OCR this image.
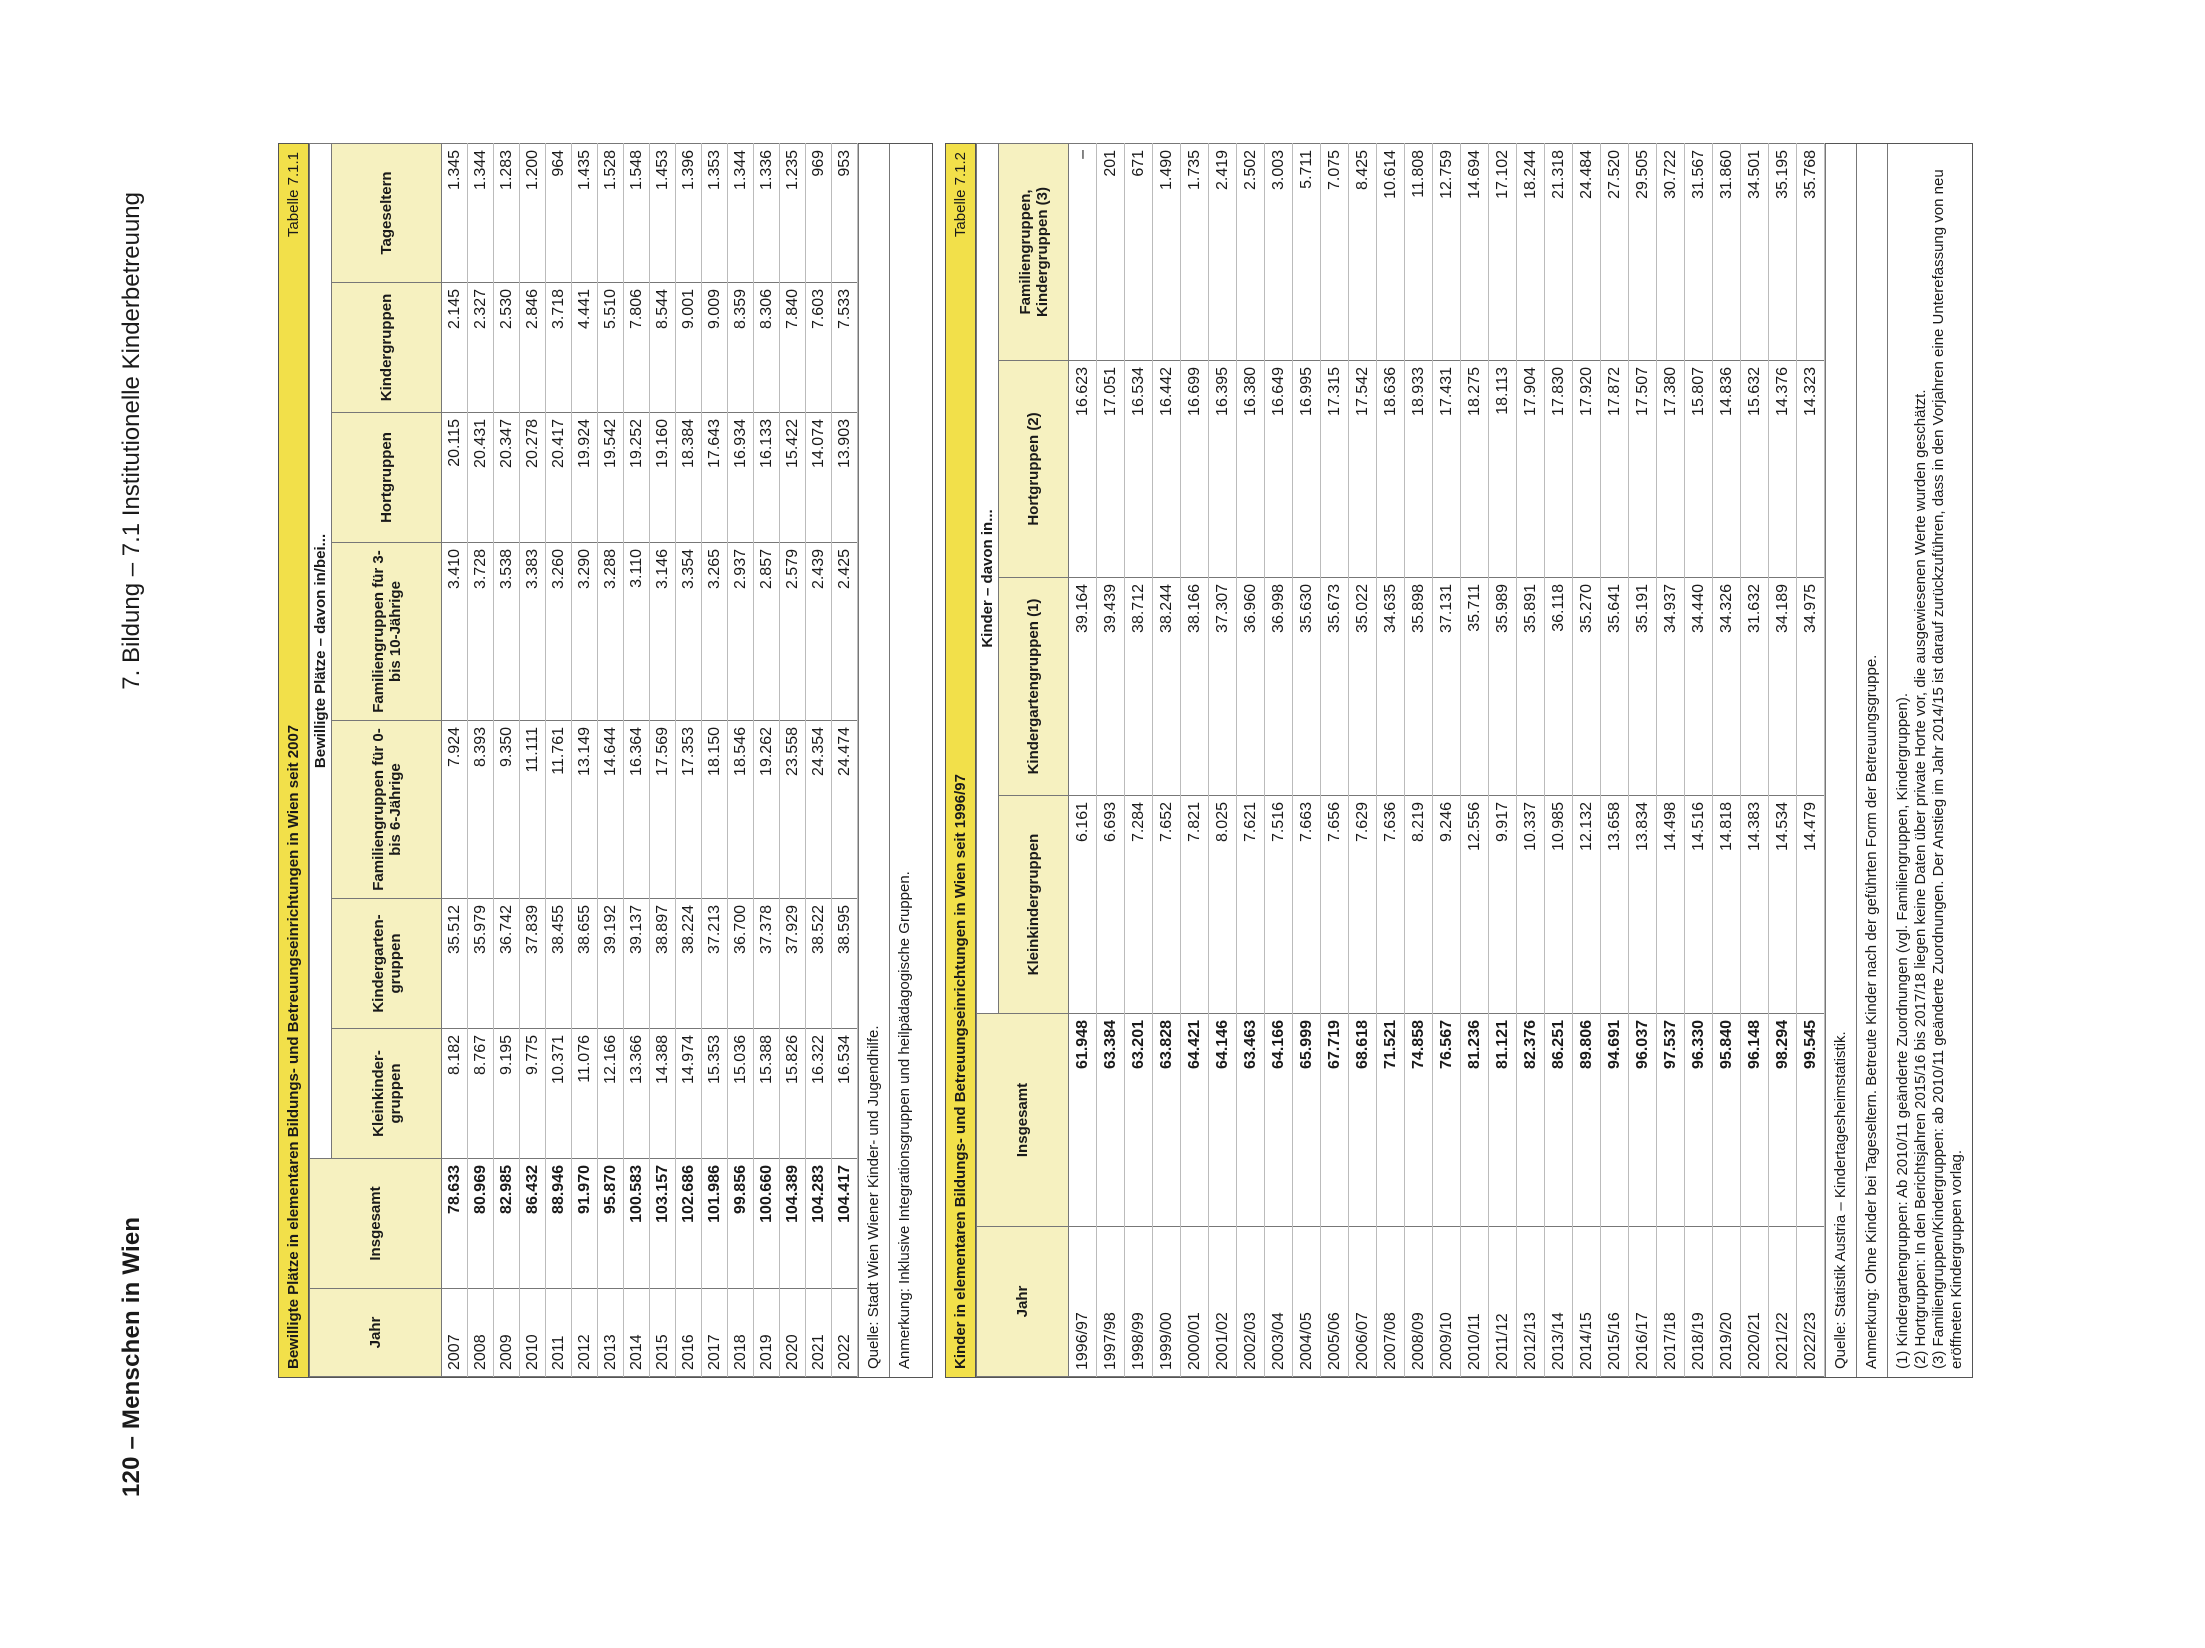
120 – Menschen in Wien
7. Bildung – 7.1 Institutionelle Kinderbetreuung
Bewilligte Plätze in elementaren Bildungs- und Betreuungseinrichtungen in Wien seit 2007
Tabelle 7.1.1
Jahr	Insgesamt	Bewilligte Plätze – davon in/bei...						
		Kleinkinder-gruppen	Kindergarten-gruppen	Familiengruppen für 0- bis 6-Jährige	Familiengruppen für 3- bis 10-Jährige	Hortgruppen	Kindergruppen	Tageseltern
2007	78.633	8.182	35.512	7.924	3.410	20.115	2.145	1.345
2008	80.969	8.767	35.979	8.393	3.728	20.431	2.327	1.344
2009	82.985	9.195	36.742	9.350	3.538	20.347	2.530	1.283
2010	86.432	9.775	37.839	11.111	3.383	20.278	2.846	1.200
2011	88.946	10.371	38.455	11.761	3.260	20.417	3.718	964
2012	91.970	11.076	38.655	13.149	3.290	19.924	4.441	1.435
2013	95.870	12.166	39.192	14.644	3.288	19.542	5.510	1.528
2014	100.583	13.366	39.137	16.364	3.110	19.252	7.806	1.548
2015	103.157	14.388	38.897	17.569	3.146	19.160	8.544	1.453
2016	102.686	14.974	38.224	17.353	3.354	18.384	9.001	1.396
2017	101.986	15.353	37.213	18.150	3.265	17.643	9.009	1.353
2018	99.856	15.036	36.700	18.546	2.937	16.934	8.359	1.344
2019	100.660	15.388	37.378	19.262	2.857	16.133	8.306	1.336
2020	104.389	15.826	37.929	23.558	2.579	15.422	7.840	1.235
2021	104.283	16.322	38.522	24.354	2.439	14.074	7.603	969
2022	104.417	16.534	38.595	24.474	2.425	13.903	7.533	953
Quelle: Stadt Wien Wiener Kinder- und Jugendhilfe. Anmerkung: Inklusive Integrationsgruppen und heilpädagogische Gruppen.	Kinder in elementaren Bildungs- und Betreuungseinrichtungen in Wien seit 1996/97
Tabelle 7.1.2
Jahr	Insgesamt	Kinder – davon in...			
		Kleinkindergruppen	Kindergartengruppen (1)	Hortgruppen (2)	Familiengruppen, Kindergruppen (3)
1996/97	61.948	6.161	39.164	16.623	–
1997/98	63.384	6.693	39.439	17.051	201
1998/99	63.201	7.284	38.712	16.534	671
1999/00	63.828	7.652	38.244	16.442	1.490
2000/01	64.421	7.821	38.166	16.699	1.735
2001/02	64.146	8.025	37.307	16.395	2.419
2002/03	63.463	7.621	36.960	16.380	2.502
2003/04	64.166	7.516	36.998	16.649	3.003
2004/05	65.999	7.663	35.630	16.995	5.711
2005/06	67.719	7.656	35.673	17.315	7.075
2006/07	68.618	7.629	35.022	17.542	8.425
2007/08	71.521	7.636	34.635	18.636	10.614
2008/09	74.858	8.219	35.898	18.933	11.808
2009/10	76.567	9.246	37.131	17.431	12.759
2010/11	81.236	12.556	35.711	18.275	14.694
2011/12	81.121	9.917	35.989	18.113	17.102
2012/13	82.376	10.337	35.891	17.904	18.244
2013/14	86.251	10.985	36.118	17.830	21.318
2014/15	89.806	12.132	35.270	17.920	24.484
2015/16	94.691	13.658	35.641	17.872	27.520
2016/17	96.037	13.834	35.191	17.507	29.505
2017/18	97.537	14.498	34.937	17.380	30.722
2018/19	96.330	14.516	34.440	15.807	31.567
2019/20	95.840	14.818	34.326	14.836	31.860
2020/21	96.148	14.383	31.632	15.632	34.501
2021/22	98.294	14.534	34.189	14.376	35.195
2022/23	99.545	14.479	34.975	14.323	35.768
Quelle: Statistik Austria – Kindertagesheimstatistik. Anmerkung: Ohne Kinder bei Tageseltern. Betreute Kinder nach der geführten Form der Betreuungsgruppe. (1) Kindergartengruppen: Ab 2010/11 geänderte Zuordnungen (vgl. Familiengruppen, Kindergruppen). (2) Hortgruppen: In den Berichtsjahren 2015/16 bis 2017/18 liegen keine Daten über private Horte vor, die ausgewiesenen Werte wurden geschätzt. (3) Familiengruppen/Kindergruppen: ab 2010/11 geänderte Zuordnungen. Der Anstieg im Jahr 2014/15 ist darauf zurückzuführen, dass in den Vorjahren eine Unterefassung von neu eröffneten Kindergruppen vorlag.
